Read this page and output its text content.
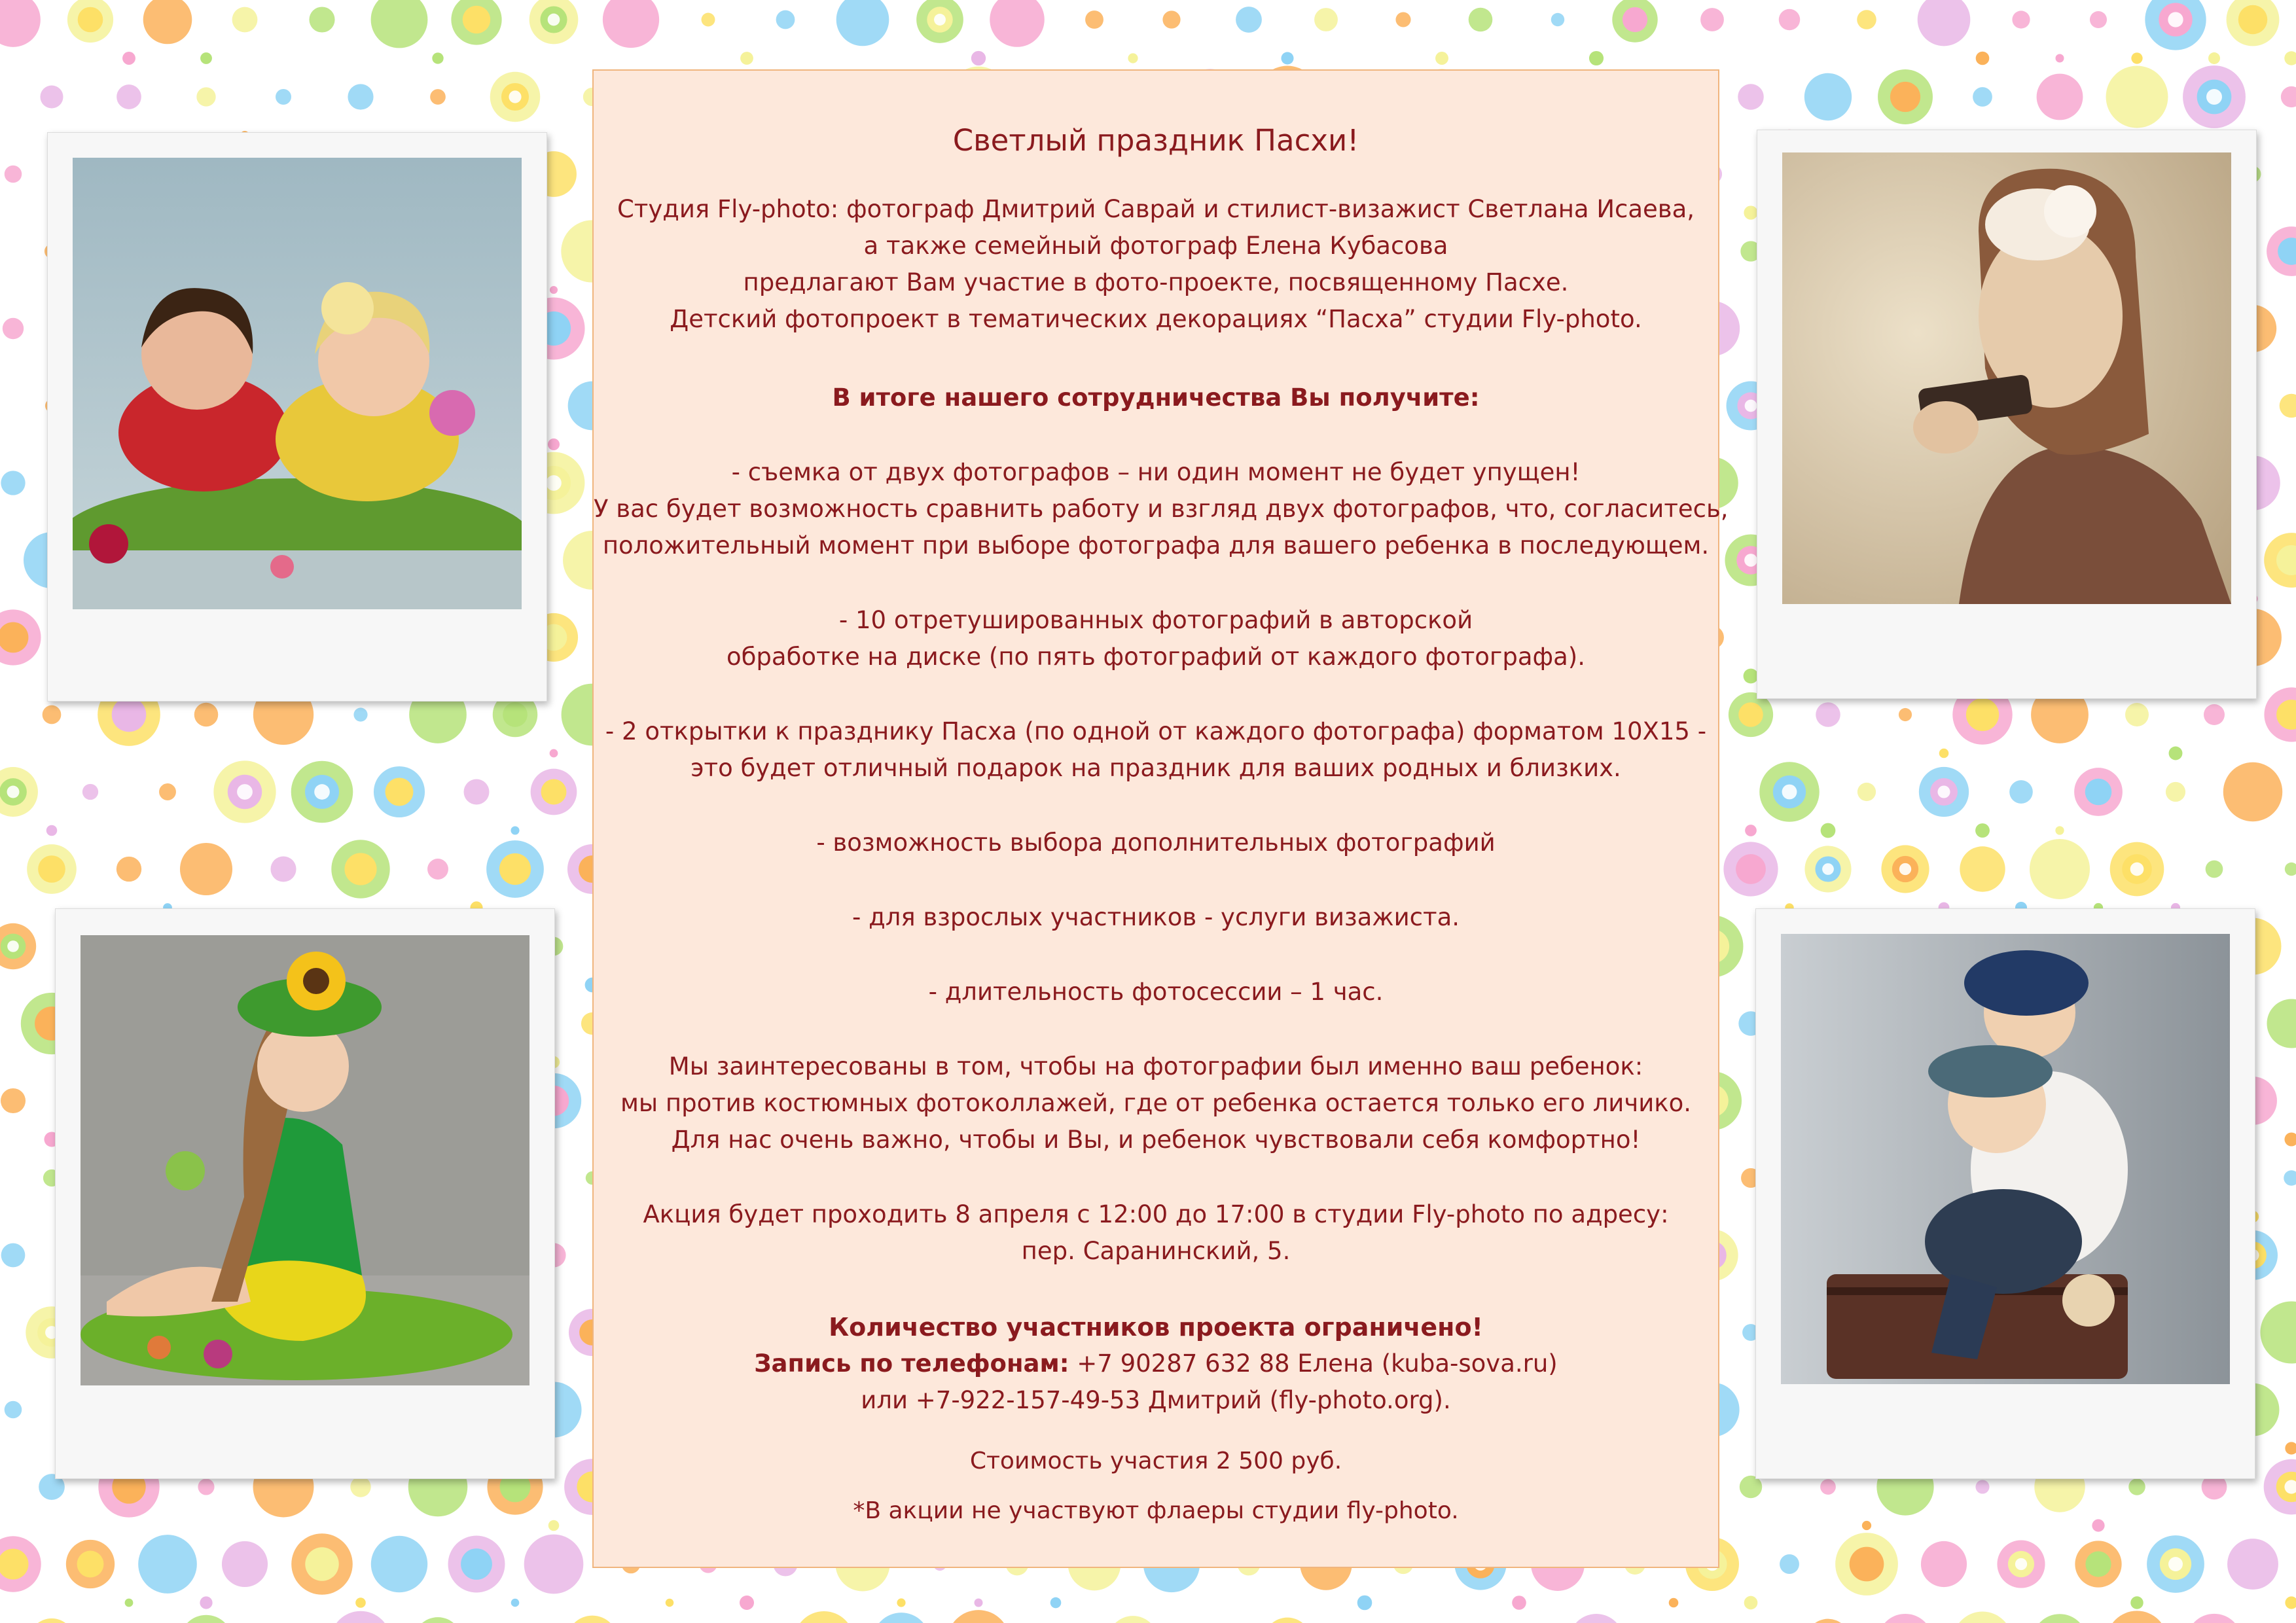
Светлый праздник Пасхи!
Студия Fly-photo: фотограф Дмитрий Саврай и стилист-визажист Светлана Исаева,
а также семейный фотограф Елена Кубасова
предлагают Вам участие в фото-проекте, посвященному Пасхе.
Детский фотопроект в тематических декорациях “Пасха” студии Fly-photo.
В итоге нашего сотрудничества Вы получите:
- съемка от двух фотографов – ни один момент не будет упущен!
У вас будет возможность сравнить работу и взгляд двух фотографов, что, согласитесь,
положительный момент при выборе фотографа для вашего ребенка в последующем.
- 10 отретушированных фотографий в авторской
обработке на диске (по пять фотографий от каждого фотографа).
- 2 открытки к празднику Пасха (по одной от каждого фотографа) форматом 10Х15 -
это будет отличный подарок на праздник для ваших родных и близких.
- возможность выбора дополнительных фотографий
- для взрослых участников - услуги визажиста.
- длительность фотосессии – 1 час.
Мы заинтересованы в том, чтобы на фотографии был именно ваш ребенок:
мы против костюмных фотоколлажей, где от ребенка остается только его личико.
Для нас очень важно, чтобы и Вы, и ребенок чувствовали себя комфортно!
Акция будет проходить 8 апреля с 12:00 до 17:00 в студии Fly-photo по адресу:
пер. Саранинский, 5.
Количество участников проекта ограничено!
Запись по телефонам: +7 90287 632 88 Елена (kuba-sova.ru)
или +7-922-157-49-53 Дмитрий (fly-photo.org).
Стоимость участия 2 500 руб.
*В акции не участвуют флаеры студии fly-photo.
